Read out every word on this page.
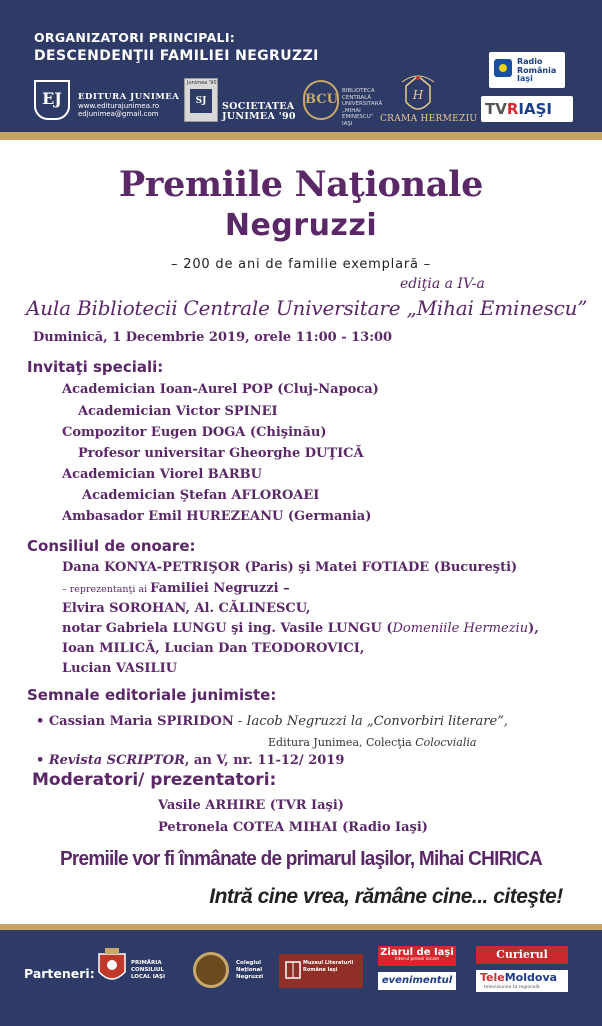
ORGANIZATORI PRINCIPALI:
DESCENDENŢII FAMILIEI NEGRUZZI
EJ	EDITURA JUNIMEA
www.editurajunimea.ro
edjunimea@gmail.com
Junimea '90
SJ	SOCIETATEA
JUNIMEA '90
BCU
BIBLIOTECA CENTRALĂ UNIVERSITARĂ „MIHAI EMINESCU” IAŞI
H
CRAMA HERMEZIU
Radio
România
Iaşi
TVRIAŞI
Premiile Naţionale
Negruzzi
– 200 de ani de familie exemplară –
ediţia a IV-a
Aula Bibliotecii Centrale Universitare „Mihai Eminescu”
Duminică, 1 Decembrie 2019, orele 11:00 - 13:00
Invitaţi speciali:
Academician Ioan-Aurel POP (Cluj-Napoca)
Academician Victor SPINEI
Compozitor Eugen DOGA (Chişinău)
Profesor universitar Gheorghe DUŢICĂ
Academician Viorel BARBU
Academician Ştefan AFLOROAEI
Ambasador Emil HUREZEANU (Germania)
Consiliul de onoare:
Dana KONYA-PETRIŞOR (Paris) şi Matei FOTIADE (Bucureşti)
– reprezentanţi ai Familiei Negruzzi –
Elvira SOROHAN, Al. CĂLINESCU,
notar Gabriela LUNGU şi ing. Vasile LUNGU (Domeniile Hermeziu),
Ioan MILICĂ, Lucian Dan TEODOROVICI,
Lucian VASILIU
Semnale editoriale junimiste:
• Cassian Maria SPIRIDON - Iacob Negruzzi la „Convorbiri literare”,
Editura Junimea, Colecţia Colocvialia
• Revista SCRIPTOR, an V, nr. 11-12/ 2019
Moderatori/ prezentatori:
Vasile ARHIRE (TVR Iaşi)
Petronela COTEA MIHAI (Radio Iaşi)
Premiile vor fi înmânate de primarul Iaşilor, Mihai CHIRICA
Intră cine vrea, rămâne cine... citeşte!
Parteneri:
PRIMĂRIA CONSILIUL LOCAL IAŞI
Colegiul Naţional Negruzzi
Muzeul Literaturii Române Iaşi
Ziarul de Iaşi
liderul presei locale
evenimentul
Curierul
TeleMoldova
televiziunea ta regională
